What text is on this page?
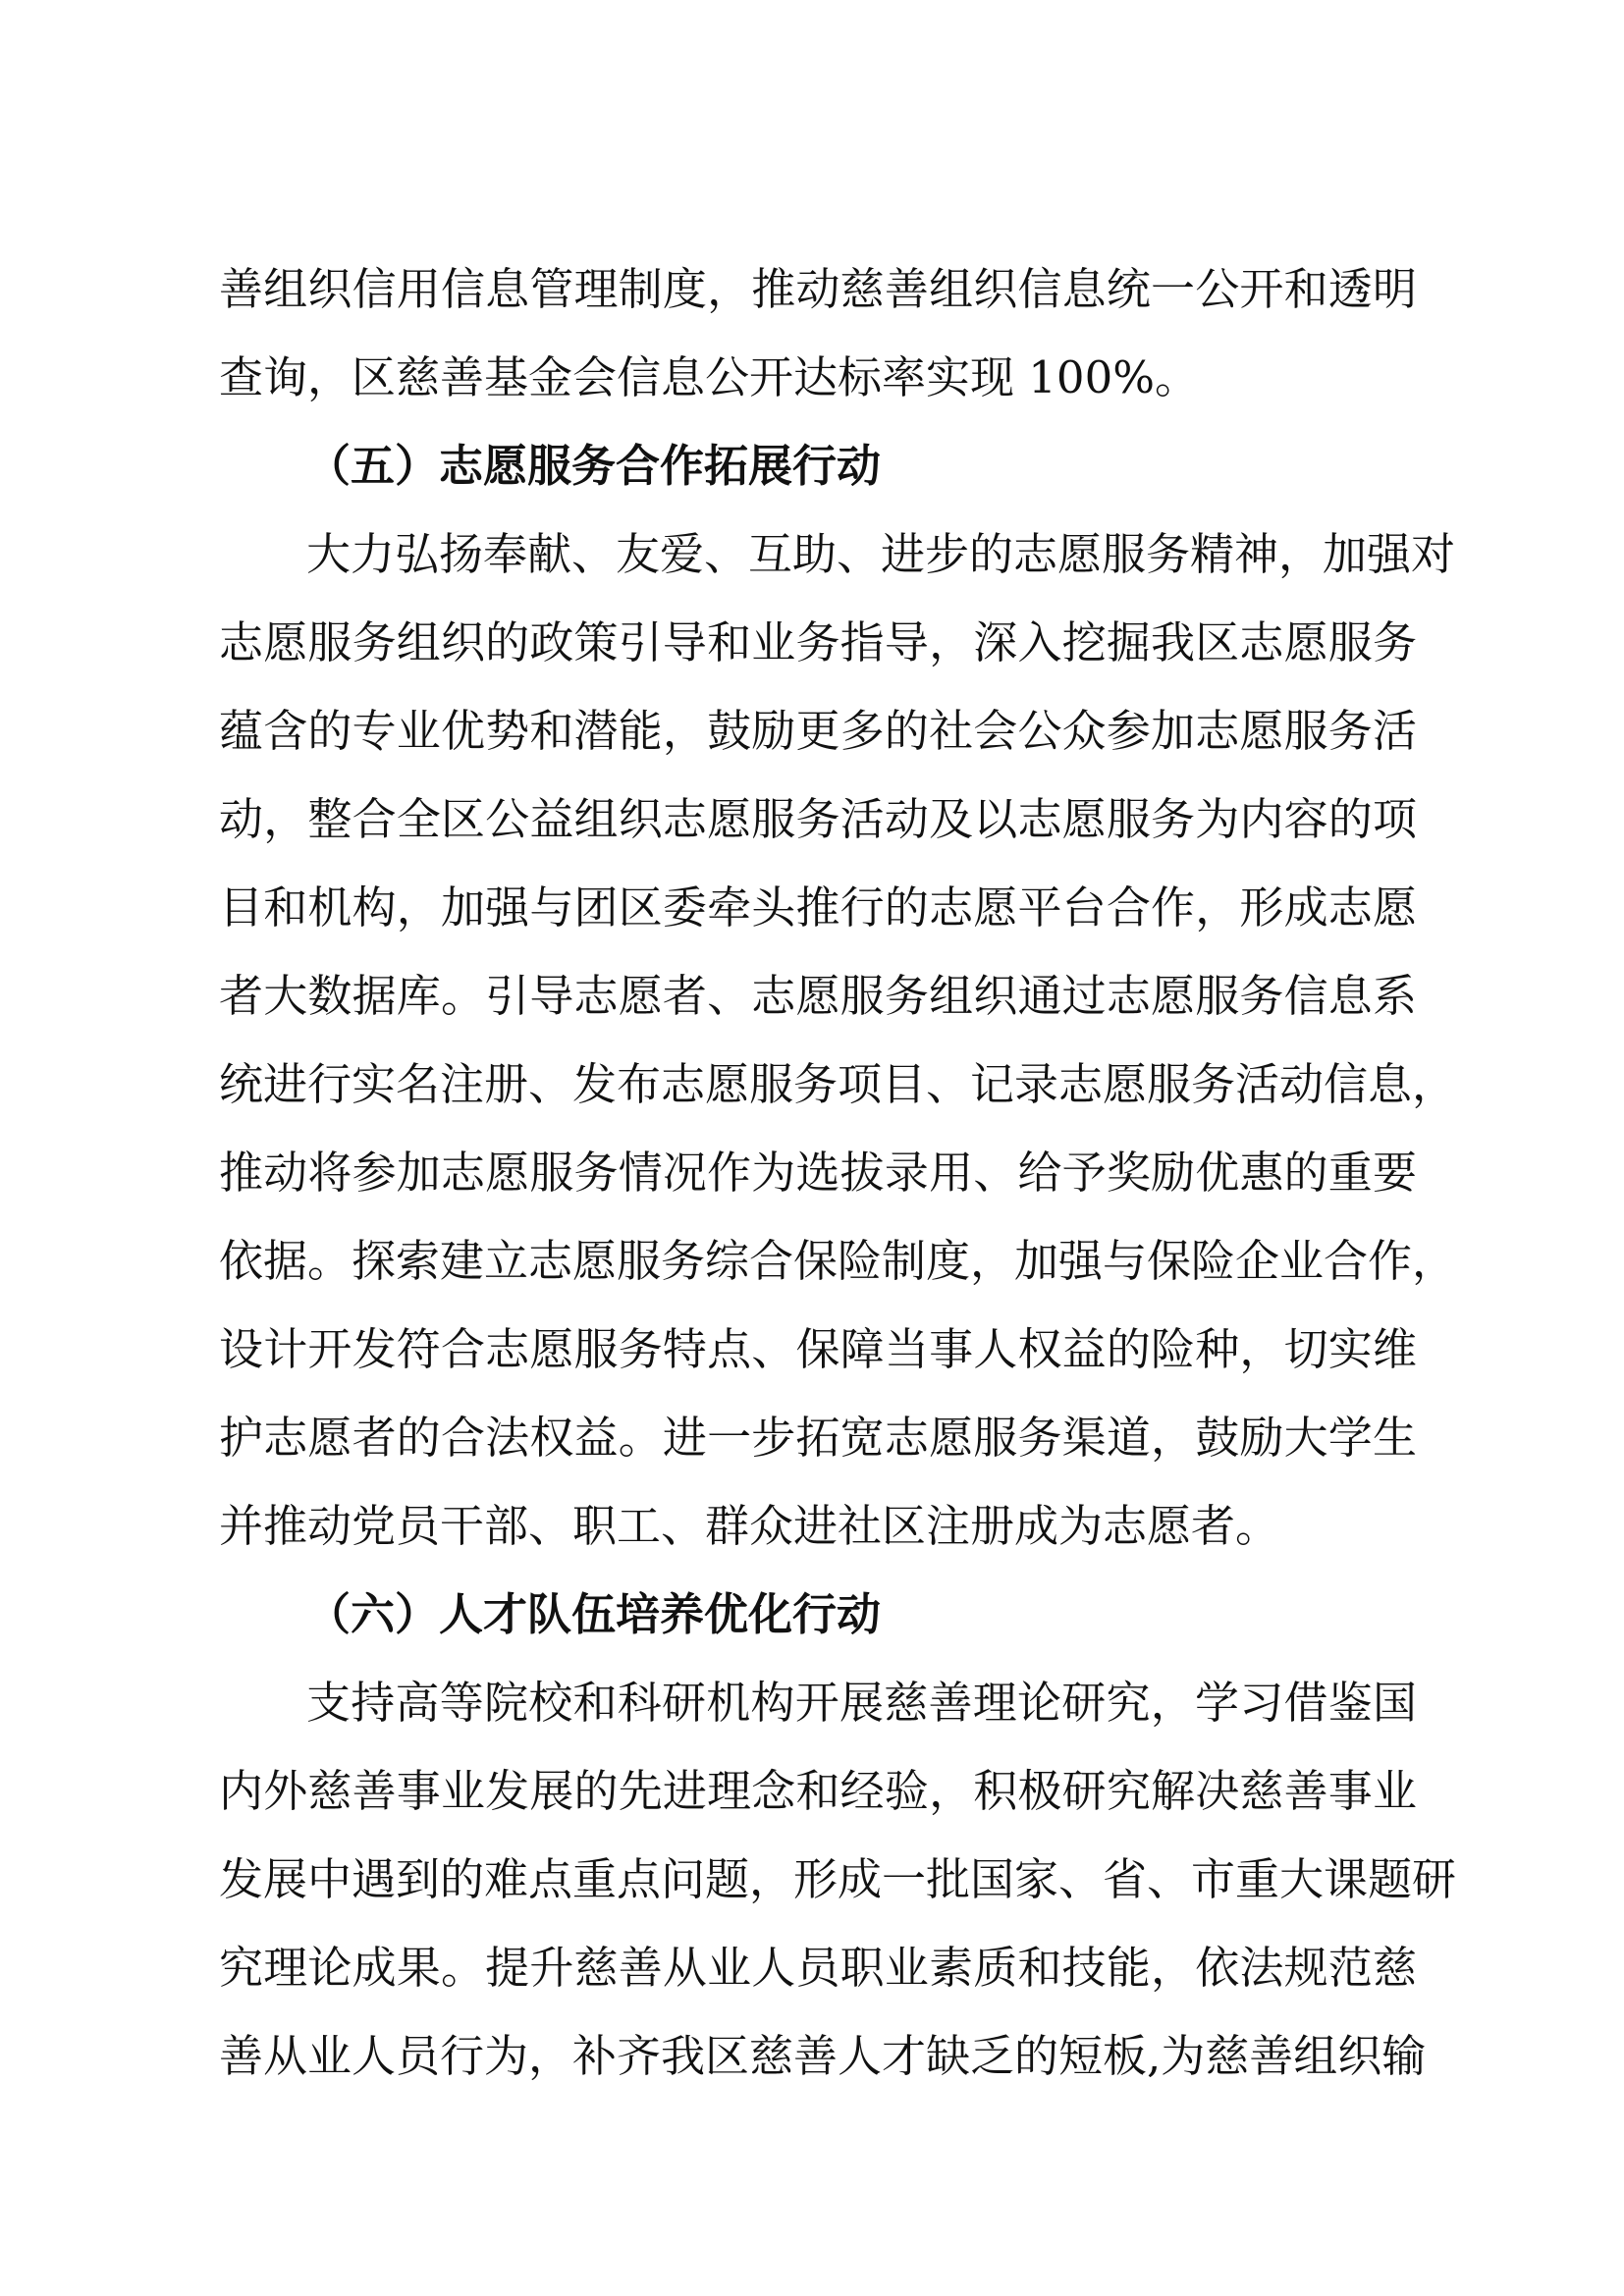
善组织信用信息管理制度，推动慈善组织信息统一公开和透明
查询，区慈善基金会信息公开达标率实现 100%。
（五）志愿服务合作拓展行动
大力弘扬奉献、友爱、互助、进步的志愿服务精神，加强对
志愿服务组织的政策引导和业务指导，深入挖掘我区志愿服务
蕴含的专业优势和潜能，鼓励更多的社会公众参加志愿服务活
动，整合全区公益组织志愿服务活动及以志愿服务为内容的项
目和机构，加强与团区委牵头推行的志愿平台合作，形成志愿
者大数据库。引导志愿者、志愿服务组织通过志愿服务信息系
统进行实名注册、发布志愿服务项目、记录志愿服务活动信息，
推动将参加志愿服务情况作为选拔录用、给予奖励优惠的重要
依据。探索建立志愿服务综合保险制度，加强与保险企业合作，
设计开发符合志愿服务特点、保障当事人权益的险种，切实维
护志愿者的合法权益。进一步拓宽志愿服务渠道，鼓励大学生
并推动党员干部、职工、群众进社区注册成为志愿者。
（六）人才队伍培养优化行动
支持高等院校和科研机构开展慈善理论研究，学习借鉴国
内外慈善事业发展的先进理念和经验，积极研究解决慈善事业
发展中遇到的难点重点问题，形成一批国家、省、市重大课题研
究理论成果。提升慈善从业人员职业素质和技能，依法规范慈
善从业人员行为，补齐我区慈善人才缺乏的短板,为慈善组织输
